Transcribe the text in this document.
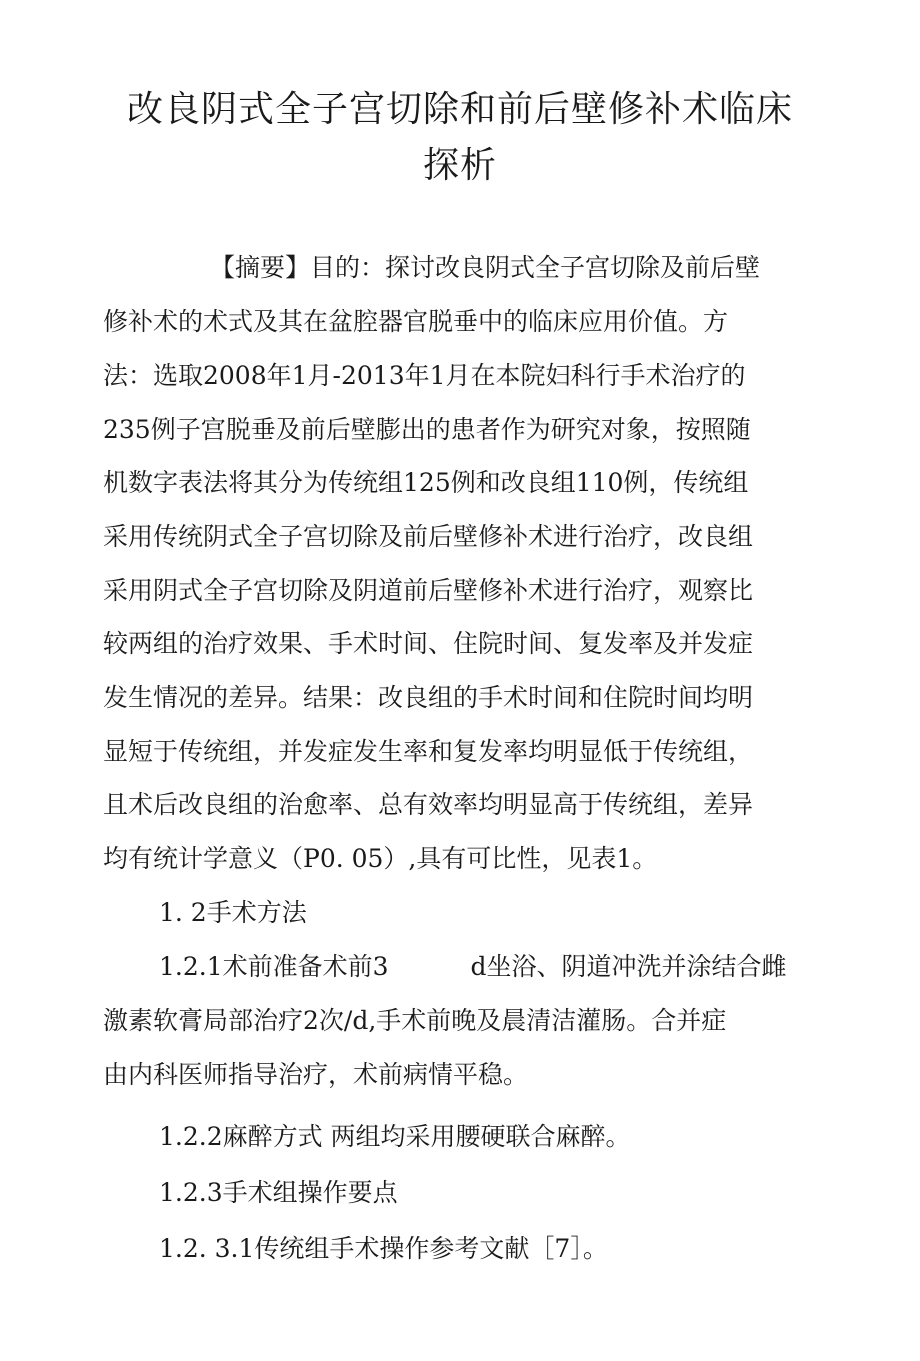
改良阴式全子宫切除和前后壁修补术临床
探析

【摘要】目的：探讨改良阴式全子宫切除及前后壁

修补术的术式及其在盆腔器官脱垂中的临床应用价值。方

法：选取2008年1月-2013年1月在本院妇科行手术治疗的

235例子宫脱垂及前后壁膨出的患者作为研究对象，按照随

机数字表法将其分为传统组125例和改良组110例，传统组

采用传统阴式全子宫切除及前后壁修补术进行治疗，改良组

采用阴式全子宫切除及阴道前后壁修补术进行治疗，观察比

较两组的治疗效果、手术时间、住院时间、复发率及并发症

发生情况的差异。结果：改良组的手术时间和住院时间均明

显短于传统组，并发症发生率和复发率均明显低于传统组，

且术后改良组的治愈率、总有效率均明显高于传统组，差异

均有统计学意义（P0. 05）,具有可比性，见表1。

1. 2手术方法

1.2.1术前准备术前3	d坐浴、阴道冲洗并涂结合雌

激素软膏局部治疗2次/d,手术前晚及晨清洁灌肠。合并症

由内科医师指导治疗，术前病情平稳。

1.2.2麻醉方式 两组均采用腰硬联合麻醉。

1.2.3手术组操作要点

1.2. 3.1传统组手术操作参考文献［7］。
